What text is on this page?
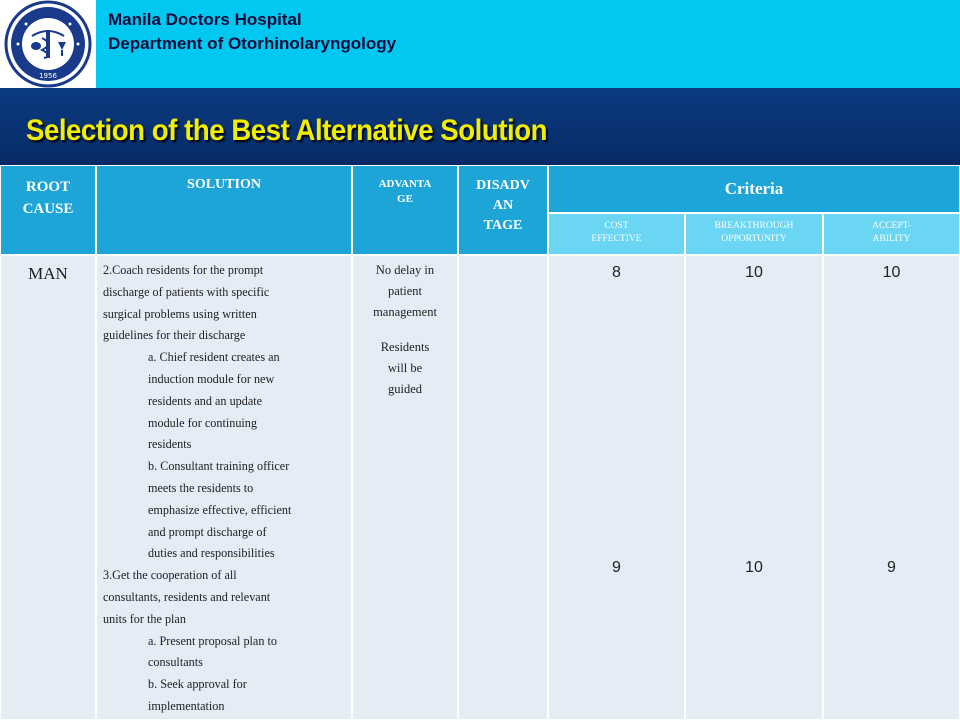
1956
Manila Doctors Hospital
Department of Otorhinolaryngology
Selection of the Best Alternative Solution
ROOT
CAUSE
SOLUTION	ADVANTA
GE
DISADV
AN
TAGE
Criteria
COST
EFFECTIVE
BREAKTHROUGH
OPPORTUNITY
ACCEPT-
ABILITY
MAN	2.Coach residents for the prompt
discharge of patients with specific
surgical problems using written
guidelines for their discharge
a. Chief resident creates an
induction module for new
residents and an update
module for continuing
residents
b. Consultant training officer
meets the residents to
emphasize effective, efficient
and prompt discharge of
duties and responsibilities
3.Get the cooperation of all
consultants, residents and relevant
units for the plan
a. Present proposal plan to
consultants
b. Seek approval for
implementation
No delay in
patient
management
Residents
will be
guided
8
9
10
10
10
9
